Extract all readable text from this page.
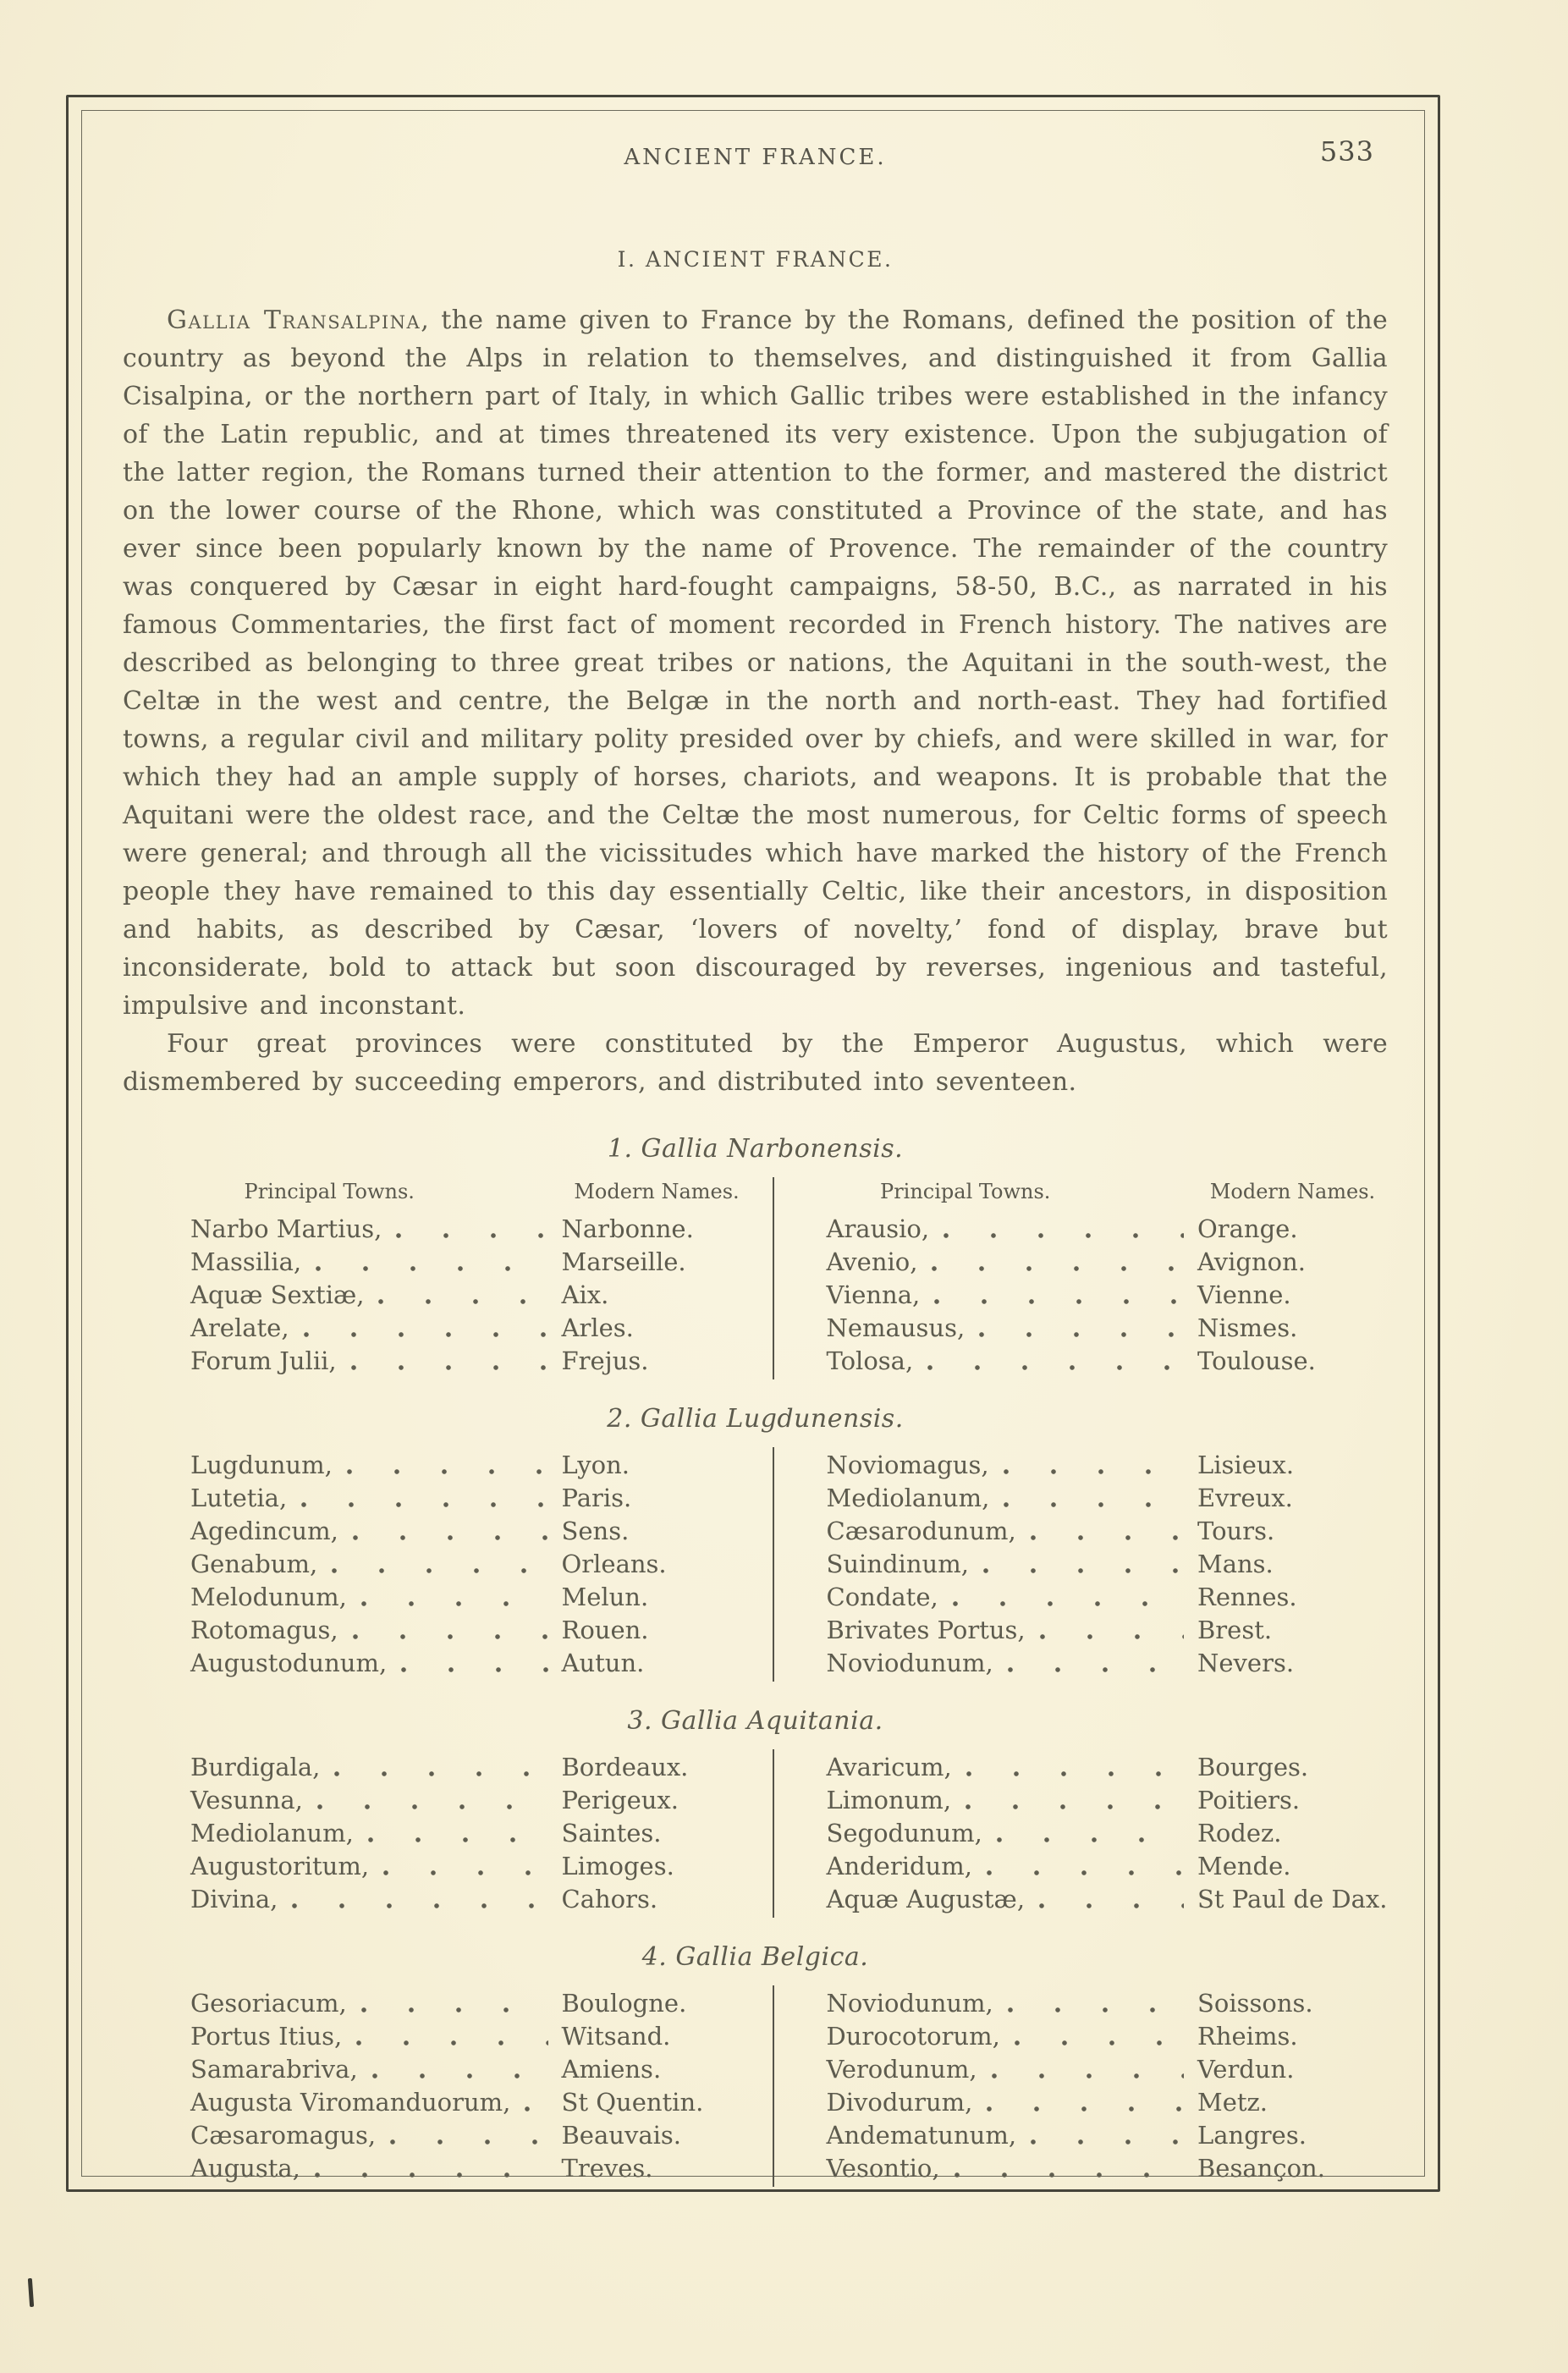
ANCIENT FRANCE.	533
I. ANCIENT FRANCE.

Gallia Transalpina, the name given to France by the Romans, defined the position of the country as beyond the Alps in relation to themselves, and distinguished it from Gallia Cisalpina, or the northern part of Italy, in which Gallic tribes were established in the infancy of the Latin republic, and at times threatened its very existence. Upon the subjugation of the latter region, the Romans turned their attention to the former, and mastered the district on the lower course of the Rhone, which was constituted a Province of the state, and has ever since been popularly known by the name of Provence. The remainder of the country was conquered by Cæsar in eight hard-fought campaigns, 58-50, B.C., as narrated in his famous Commentaries, the first fact of moment recorded in French history. The natives are described as belonging to three great tribes or nations, the Aquitani in the south-west, the Celtæ in the west and centre, the Belgæ in the north and north-east. They had fortified towns, a regular civil and military polity presided over by chiefs, and were skilled in war, for which they had an ample supply of horses, chariots, and weapons. It is probable that the Aquitani were the oldest race, and the Celtæ the most numerous, for Celtic forms of speech were general; and through all the vicissitudes which have marked the history of the French people they have remained to this day essentially Celtic, like their ancestors, in disposition and habits, as described by Cæsar, ‘lovers of novelty,’ fond of display, brave but inconsiderate, bold to attack but soon discouraged by reverses, ingenious and tasteful, impulsive and inconstant.

Four great provinces were constituted by the Emperor Augustus, which were dismembered by succeeding emperors, and distributed into seventeen.

1. Gallia Narbonensis.
Principal Towns.	Modern Names.
Narbo Martius,	Narbonne.
Massilia,	Marseille.
Aquæ Sextiæ,	Aix.
Arelate,	Arles.
Forum Julii,	Frejus.
Principal Towns.	Modern Names.
Arausio,	Orange.
Avenio,	Avignon.
Vienna,	Vienne.
Nemausus,	Nismes.
Tolosa,	Toulouse.
2. Gallia Lugdunensis.
Lugdunum,	Lyon.
Lutetia,	Paris.
Agedincum,	Sens.
Genabum,	Orleans.
Melodunum,	Melun.
Rotomagus,	Rouen.
Augustodunum,	Autun.
Noviomagus,	Lisieux.
Mediolanum,	Evreux.
Cæsarodunum,	Tours.
Suindinum,	Mans.
Condate,	Rennes.
Brivates Portus,	Brest.
Noviodunum,	Nevers.
3. Gallia Aquitania.
Burdigala,	Bordeaux.
Vesunna,	Perigeux.
Mediolanum,	Saintes.
Augustoritum,	Limoges.
Divina,	Cahors.
Avaricum,	Bourges.
Limonum,	Poitiers.
Segodunum,	Rodez.
Anderidum,	Mende.
Aquæ Augustæ,	St Paul de Dax.
4. Gallia Belgica.
Gesoriacum,	Boulogne.
Portus Itius,	Witsand.
Samarabriva,	Amiens.
Augusta Viromanduorum, St Quentin.
Cæsaromagus,	Beauvais.
Augusta,	Treves.
Noviodunum,	Soissons.
Durocotorum,	Rheims.
Verodunum,	Verdun.
Divodurum,	Metz.
Andematunum,	Langres.
Vesontio,	Besançon.
